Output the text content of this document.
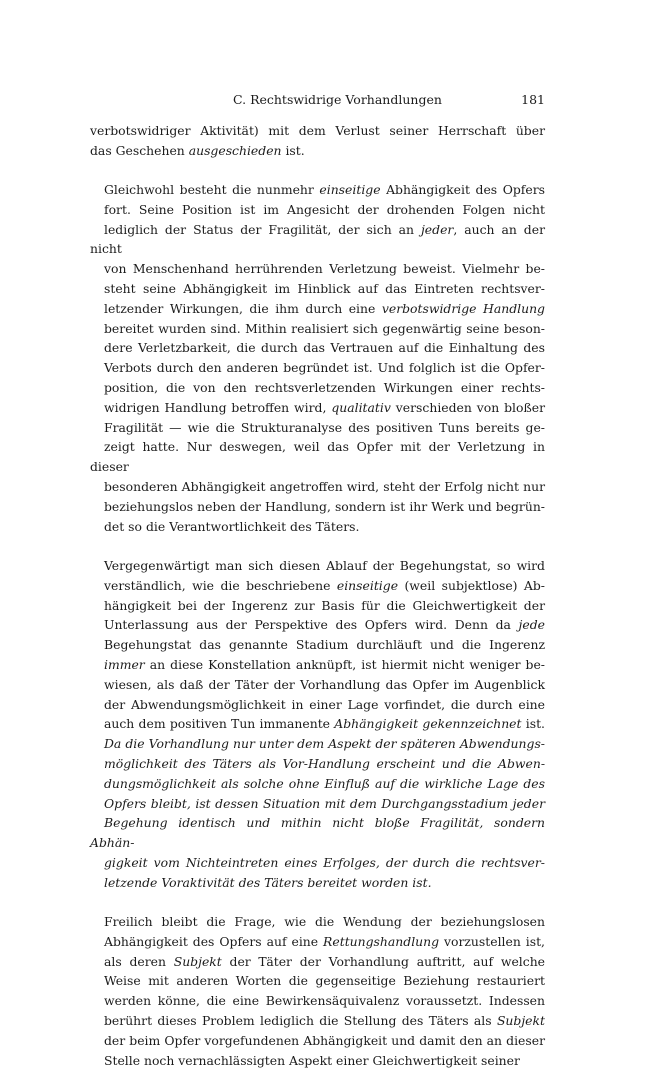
C. Rechtswidrige Vorhandlungen	181

verbotswidriger Aktivität) mit dem Verlust seiner Herrschaft über
das Geschehen ausgeschieden ist.

Gleichwohl besteht die nunmehr einseitige Abhängigkeit des Opfers
fort. Seine Position ist im Angesicht der drohenden Folgen nicht
lediglich der Status der Fragilität, der sich an jeder, auch an der nicht
von Menschenhand herrührenden Verletzung beweist. Vielmehr be-
steht seine Abhängigkeit im Hinblick auf das Eintreten rechtsver-
letzender Wirkungen, die ihm durch eine verbotswidrige Handlung
bereitet wurden sind. Mithin realisiert sich gegenwärtig seine beson-
dere Verletzbarkeit, die durch das Vertrauen auf die Einhaltung des
Verbots durch den anderen begründet ist. Und folglich ist die Opfer-
position, die von den rechtsverletzenden Wirkungen einer rechts-
widrigen Handlung betroffen wird, qualitativ verschieden von bloßer
Fragilität — wie die Strukturanalyse des positiven Tuns bereits ge-
zeigt hatte. Nur deswegen, weil das Opfer mit der Verletzung in dieser
besonderen Abhängigkeit angetroffen wird, steht der Erfolg nicht nur
beziehungslos neben der Handlung, sondern ist ihr Werk und begrün-
det so die Verantwortlichkeit des Täters.

Vergegenwärtigt man sich diesen Ablauf der Begehungstat, so wird
verständlich, wie die beschriebene einseitige (weil subjektlose) Ab-
hängigkeit bei der Ingerenz zur Basis für die Gleichwertigkeit der
Unterlassung aus der Perspektive des Opfers wird. Denn da jede
Begehungstat das genannte Stadium durchläuft und die Ingerenz
immer an diese Konstellation anknüpft, ist hiermit nicht weniger be-
wiesen, als daß der Täter der Vorhandlung das Opfer im Augenblick
der Abwendungsmöglichkeit in einer Lage vorfindet, die durch eine
auch dem positiven Tun immanente Abhängigkeit gekennzeichnet ist.
Da die Vorhandlung nur unter dem Aspekt der späteren Abwendungs-
möglichkeit des Täters als Vor-Handlung erscheint und die Abwen-
dungsmöglichkeit als solche ohne Einfluß auf die wirkliche Lage des
Opfers bleibt, ist dessen Situation mit dem Durchgangsstadium jeder
Begehung identisch und mithin nicht bloße Fragilität, sondern Abhän-
gigkeit vom Nichteintreten eines Erfolges, der durch die rechtsver-
letzende Voraktivität des Täters bereitet worden ist.

Freilich bleibt die Frage, wie die Wendung der beziehungslosen
Abhängigkeit des Opfers auf eine Rettungshandlung vorzustellen ist,
als deren Subjekt der Täter der Vorhandlung auftritt, auf welche
Weise mit anderen Worten die gegenseitige Beziehung restauriert
werden könne, die eine Bewirkensäquivalenz voraussetzt. Indessen
berührt dieses Problem lediglich die Stellung des Täters als Subjekt
der beim Opfer vorgefundenen Abhängigkeit und damit den an dieser
Stelle noch vernachlässigten Aspekt einer Gleichwertigkeit seiner
